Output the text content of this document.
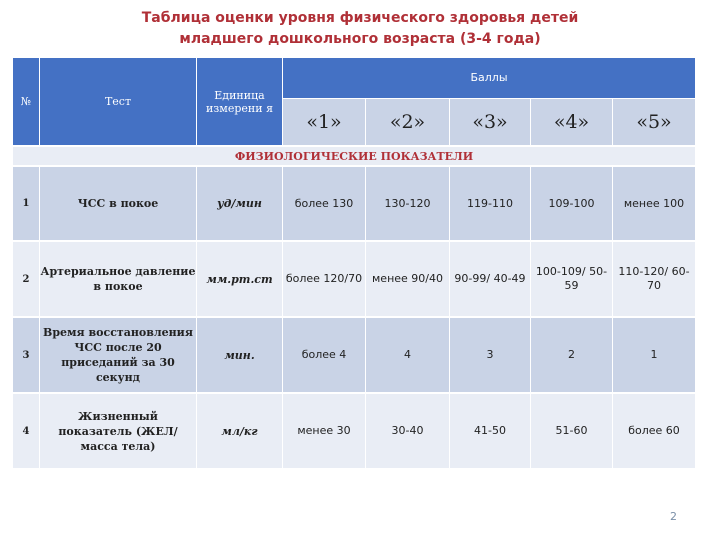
Таблица оценки уровня физического здоровья детей
младшего дошкольного возраста (3-4 года)
№	Тест	Единица измерени я	Баллы				
			«1»	«2»	«3»	«4»	«5»
ФИЗИОЛОГИЧЕСКИЕ ПОКАЗАТЕЛИ							
1	ЧСС в покое	уд/мин	более 130	130-120	119-110	109-100	менее 100
2	Артериальное давление в покое	мм.рт.ст	более 120/70	менее 90/40	90-99/ 40-49	100-109/ 50-59	110-120/ 60-70
3	Время восстановления ЧСС после 20 приседаний за 30 секунд	мин.	более 4	4	3	2	1
4	Жизненный показатель (ЖЕЛ/масса тела)	мл/кг	менее 30	30-40	41-50	51-60	более 60
2
